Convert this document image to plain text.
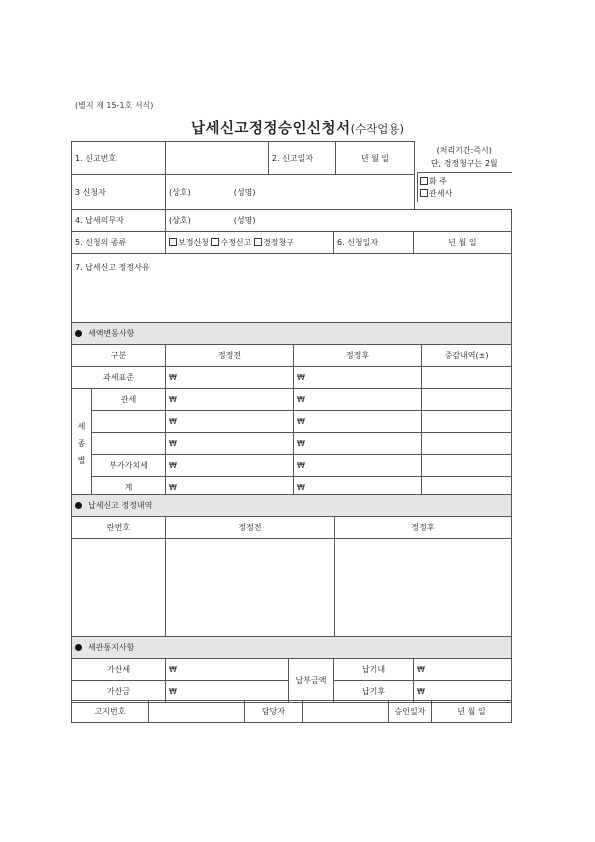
(별지 제 15-1호 서식)
납세신고정정승인신청서(수작업용)
1. 신고번호		2. 신고일자	년 월 일	(처리기간:즉시)
단, 경정청구는 2월
화 주
관세사

3 신청자	(상호) (성명)			
4. 납세의무자	(상호) (성명)		
5. 신청의 종류	보정신청 수정신고 경정청구	6. 신청일자	년 월 일
7. 납세신고 정정사유			
세액변동사항				
구분		정정전	정정후	증감내역(±)
과세표준		₩	₩	

세
종
별	관세	₩	₩	
		₩	₩	
		₩	₩	
	부가가치세	₩	₩	
	계	₩	₩	
납세신고 정정내역		
란번호	정정전	정정후

세관통지사항				
가산세	₩	납부금액	납기내	₩
가산금	₩		납기후	₩
고지번호		담당자		승인일자	년 월 일
